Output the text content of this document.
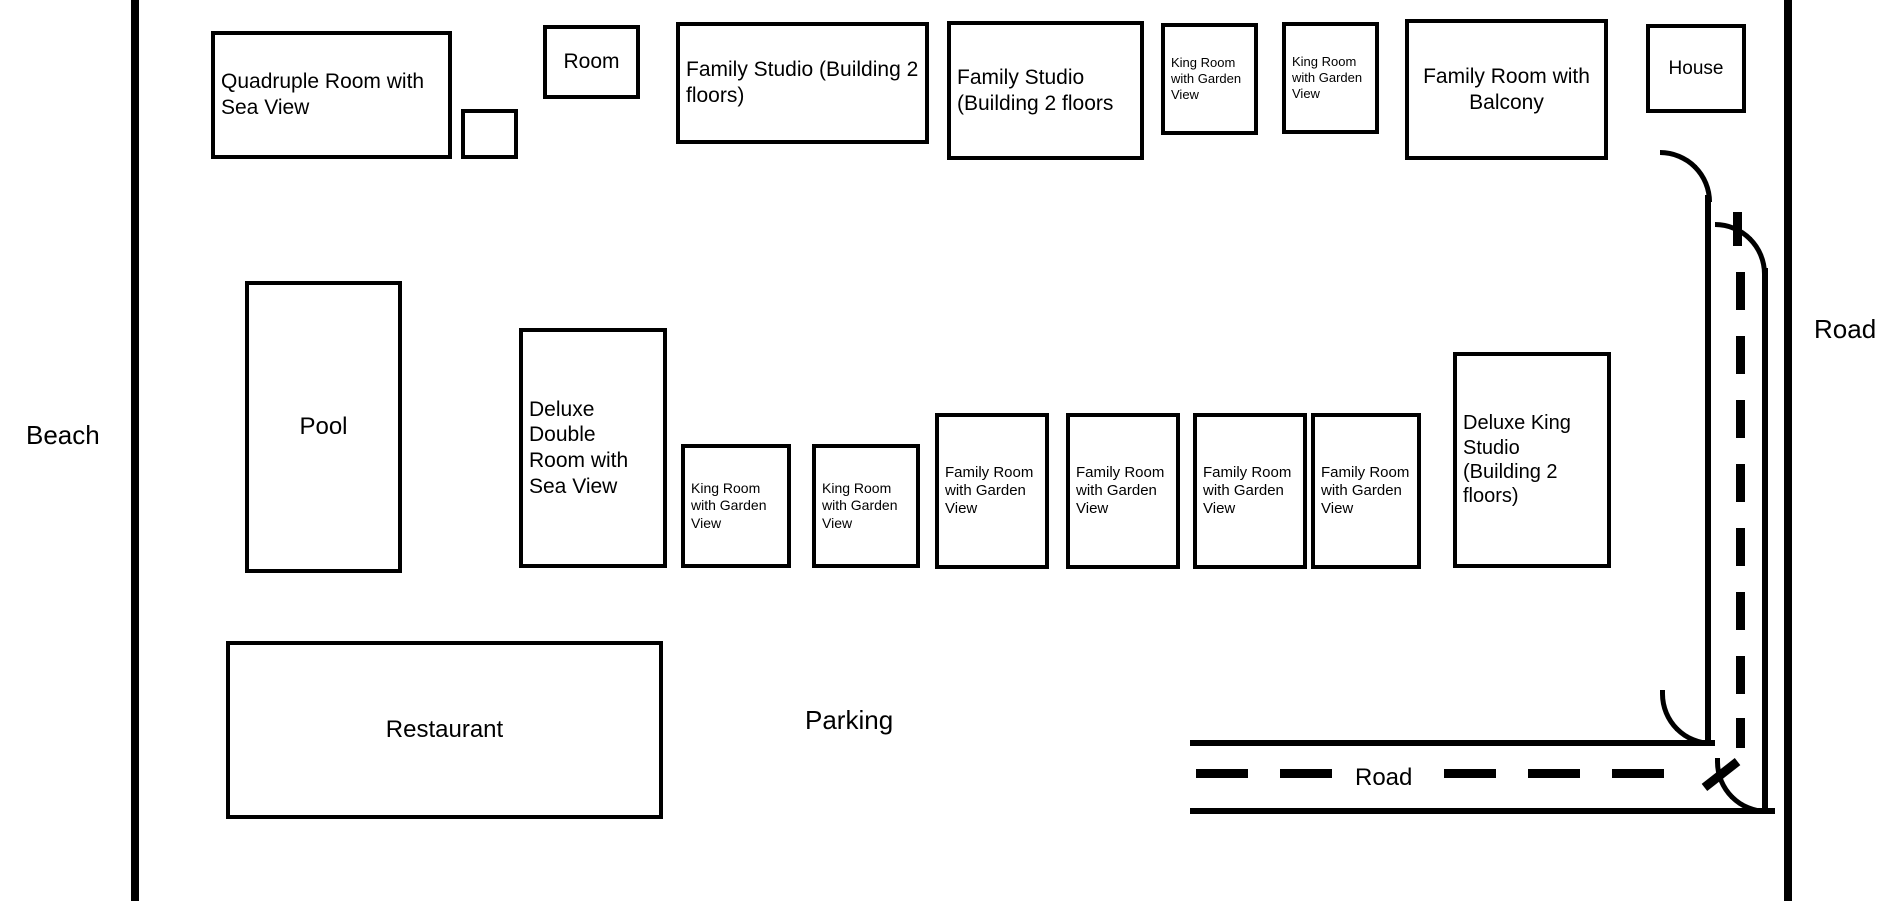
Beach
Road
Road
Parking
Quadruple Room with Sea View
Room	Family Studio (Building 2 floors)
Family Studio (Building 2 floors
King Room with Garden View
King Room with Garden View
Family Room with Balcony
House
Pool
Deluxe Double Room with Sea View	King Room with Garden View
King Room with Garden View
Family Room with Garden View
Family Room with Garden View
Family Room with Garden View
Family Room with Garden View
Deluxe King Studio (Building 2 floors)
Restaurant
